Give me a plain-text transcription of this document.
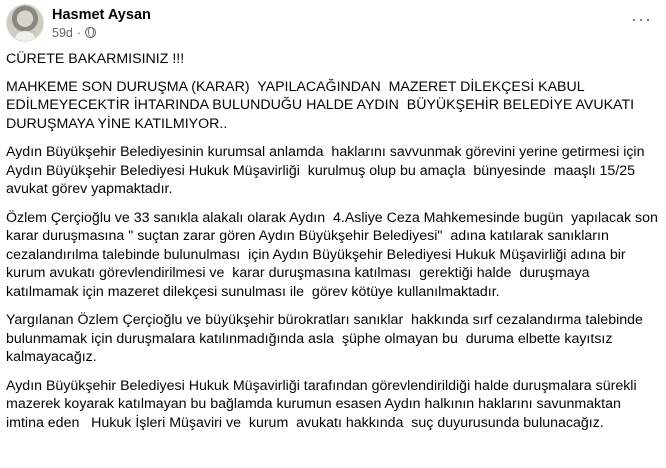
Hasmet Aysan
59d ·
···

CÜRETE BAKARMISINIZ !!!

MAHKEME SON DURUŞMA (KARAR)  YAPILACAĞINDAN  MAZERET DİLEKÇESİ KABUL EDİLMEYECEKTİR İHTARINDA BULUNDUĞU HALDE AYDIN  BÜYÜKŞEHİR BELEDİYE AVUKATI DURUŞMAYA YİNE KATILMIYOR..

Aydın Büyükşehir Belediyesinin kurumsal anlamda  haklarını savvunmak görevini yerine getirmesi için Aydın Büyükşehir Belediyesi Hukuk Müşavirliği  kurulmuş olup bu amaçla  bünyesinde  maaşlı 15/25 avukat görev yapmaktadır.

Özlem Çerçioğlu ve 33 sanıkla alakalı olarak Aydın  4.Asliye Ceza Mahkemesinde bugün  yapılacak son  karar duruşmasına " suçtan zarar gören Aydın Büyükşehir Belediyesi"  adına katılarak sanıkların cezalandırılma talebinde bulunulması  için Aydın Büyükşehir Belediyesi Hukuk Müşavirliği adına bir kurum avukatı görevlendirilmesi ve  karar duruşmasına katılması  gerektiği halde  duruşmaya katılmamak için mazeret dilekçesi sunulması ile  görev kötüye kullanılmaktadır.

Yargılanan Özlem Çerçioğlu ve büyükşehir bürokratları sanıklar  hakkında sırf cezalandırma talebinde bulunmamak için duruşmalara katılınmadığında asla  şüphe olmayan bu  duruma elbette kayıtsız kalmayacağız.

Aydın Büyükşehir Belediyesi Hukuk Müşavirliği tarafından görevlendirildiği halde duruşmalara sürekli mazerek koyarak katılmayan bu bağlamda kurumun esasen Aydın halkının haklarını savunmaktan imtina eden   Hukuk İşleri Müşaviri ve  kurum  avukatı hakkında  suç duyurusunda bulunacağız.
